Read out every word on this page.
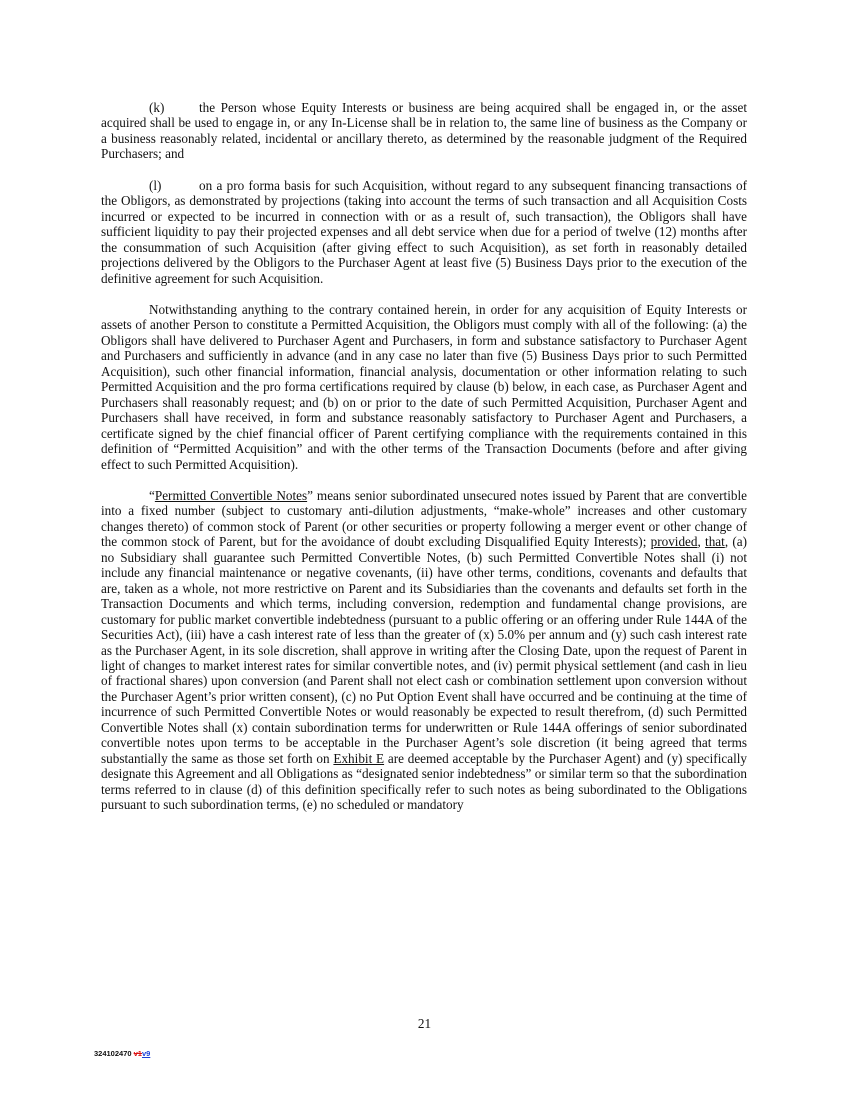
(k)	the Person whose Equity Interests or business are being acquired shall be engaged in, or the asset acquired shall be used to engage in, or any In-License shall be in relation to, the same line of business as the Company or a business reasonably related, incidental or ancillary thereto, as determined by the reasonable judgment of the Required Purchasers; and

(l)	on a pro forma basis for such Acquisition, without regard to any subsequent financing transactions of the Obligors, as demonstrated by projections (taking into account the terms of such transaction and all Acquisition Costs incurred or expected to be incurred in connection with or as a result of, such transaction), the Obligors shall have sufficient liquidity to pay their projected expenses and all debt service when due for a period of twelve (12) months after the consummation of such Acquisition (after giving effect to such Acquisition), as set forth in reasonably detailed projections delivered by the Obligors to the Purchaser Agent at least five (5) Business Days prior to the execution of the definitive agreement for such Acquisition.

Notwithstanding anything to the contrary contained herein, in order for any acquisition of Equity Interests or assets of another Person to constitute a Permitted Acquisition, the Obligors must comply with all of the following: (a) the Obligors shall have delivered to Purchaser Agent and Purchasers, in form and substance satisfactory to Purchaser Agent and Purchasers and sufficiently in advance (and in any case no later than five (5) Business Days prior to such Permitted Acquisition), such other financial information, financial analysis, documentation or other information relating to such Permitted Acquisition and the pro forma certifications required by clause (b) below, in each case, as Purchaser Agent and Purchasers shall reasonably request; and (b) on or prior to the date of such Permitted Acquisition, Purchaser Agent and Purchasers shall have received, in form and substance reasonably satisfactory to Purchaser Agent and Purchasers, a certificate signed by the chief financial officer of Parent certifying compliance with the requirements contained in this definition of “Permitted Acquisition” and with the other terms of the Transaction Documents (before and after giving effect to such Permitted Acquisition).

“Permitted Convertible Notes” means senior subordinated unsecured notes issued by Parent that are convertible into a fixed number (subject to customary anti-dilution adjustments, “make-whole” increases and other customary changes thereto) of common stock of Parent (or other securities or property following a merger event or other change of the common stock of Parent, but for the avoidance of doubt excluding Disqualified Equity Interests); provided, that, (a) no Subsidiary shall guarantee such Permitted Convertible Notes, (b) such Permitted Convertible Notes shall (i) not include any financial maintenance or negative covenants, (ii) have other terms, conditions, covenants and defaults that are, taken as a whole, not more restrictive on Parent and its Subsidiaries than the covenants and defaults set forth in the Transaction Documents and which terms, including conversion, redemption and fundamental change provisions, are customary for public market convertible indebtedness (pursuant to a public offering or an offering under Rule 144A of the Securities Act), (iii) have a cash interest rate of less than the greater of (x) 5.0% per annum and (y) such cash interest rate as the Purchaser Agent, in its sole discretion, shall approve in writing after the Closing Date, upon the request of Parent in light of changes to market interest rates for similar convertible notes, and (iv) permit physical settlement (and cash in lieu of fractional shares) upon conversion (and Parent shall not elect cash or combination settlement upon conversion without the Purchaser Agent’s prior written consent), (c) no Put Option Event shall have occurred and be continuing at the time of incurrence of such Permitted Convertible Notes or would reasonably be expected to result therefrom, (d) such Permitted Convertible Notes shall (x) contain subordination terms for underwritten or Rule 144A offerings of senior subordinated convertible notes upon terms to be acceptable in the Purchaser Agent’s sole discretion (it being agreed that terms substantially the same as those set forth on Exhibit E are deemed acceptable by the Purchaser Agent) and (y) specifically designate this Agreement and all Obligations as “designated senior indebtedness” or similar term so that the subordination terms referred to in clause (d) of this definition specifically refer to such notes as being subordinated to the Obligations pursuant to such subordination terms, (e) no scheduled or mandatory

21
324102470 v1v9
